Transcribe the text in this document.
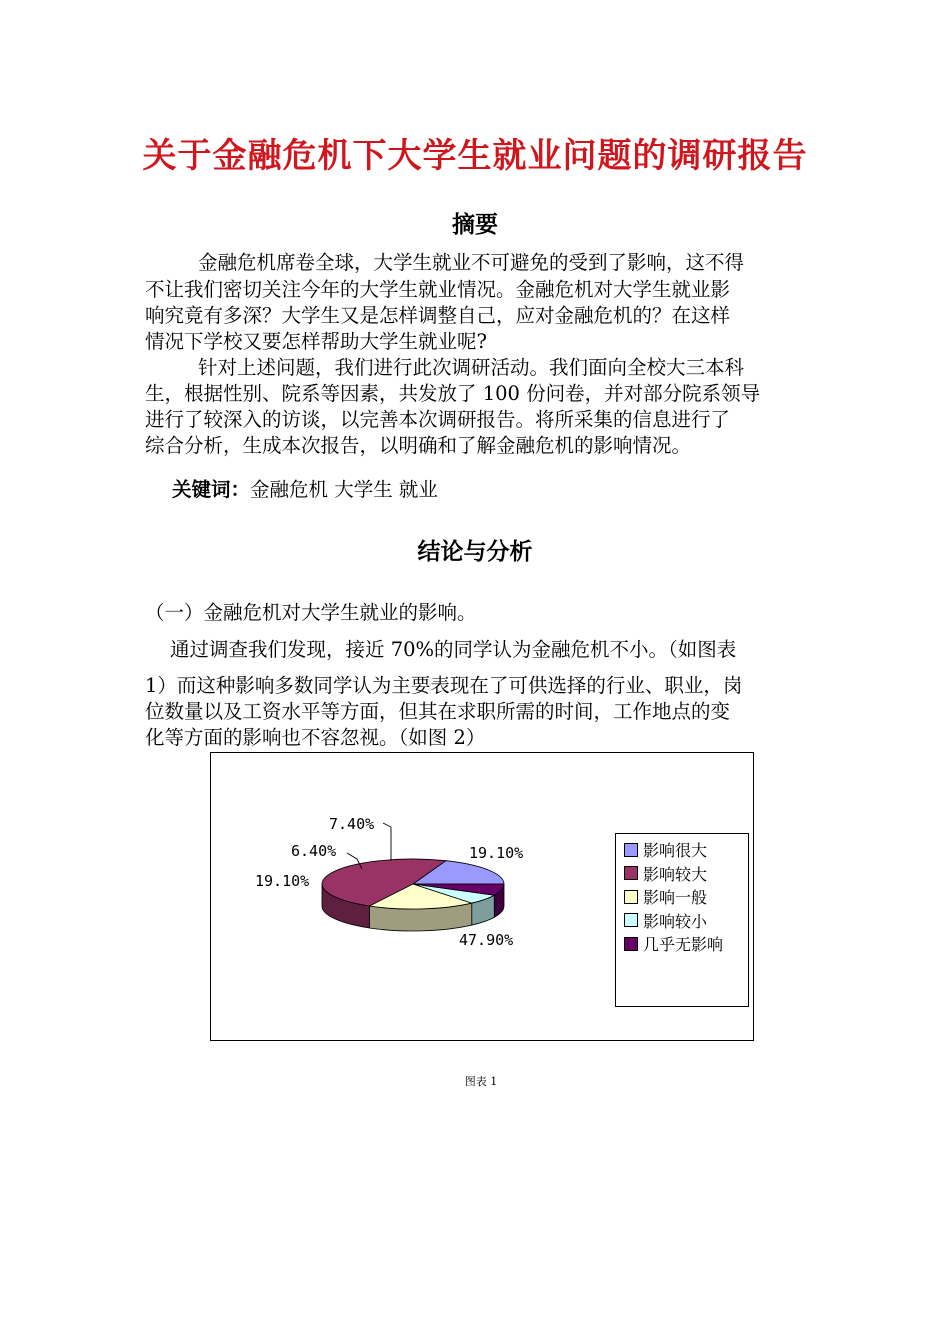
关于金融危机下大学生就业问题的调研报告
摘要

金融危机席卷全球，大学生就业不可避免的受到了影响，这不得

不让我们密切关注今年的大学生就业情况。金融危机对大学生就业影

响究竟有多深？大学生又是怎样调整自己，应对金融危机的？在这样

情况下学校又要怎样帮助大学生就业呢?

针对上述问题，我们进行此次调研活动。我们面向全校大三本科

生，根据性别、院系等因素，共发放了 100 份问卷，并对部分院系领导

进行了较深入的访谈，以完善本次调研报告。将所采集的信息进行了

综合分析，生成本次报告，以明确和了解金融危机的影响情况。

关键词：金融危机 大学生 就业

结论与分析

（一）金融危机对大学生就业的影响。

通过调查我们发现，接近 70%的同学认为金融危机不小。（如图表

1）而这种影响多数同学认为主要表现在了可供选择的行业、职业，岗

位数量以及工资水平等方面，但其在求职所需的时间，工作地点的变

化等方面的影响也不容忽视。（如图 2）

19.10%
47.90%
19.10%
6.40%
7.40%
影响很大
影响较大
影响一般
影响较小
几乎无影响
图表 1
